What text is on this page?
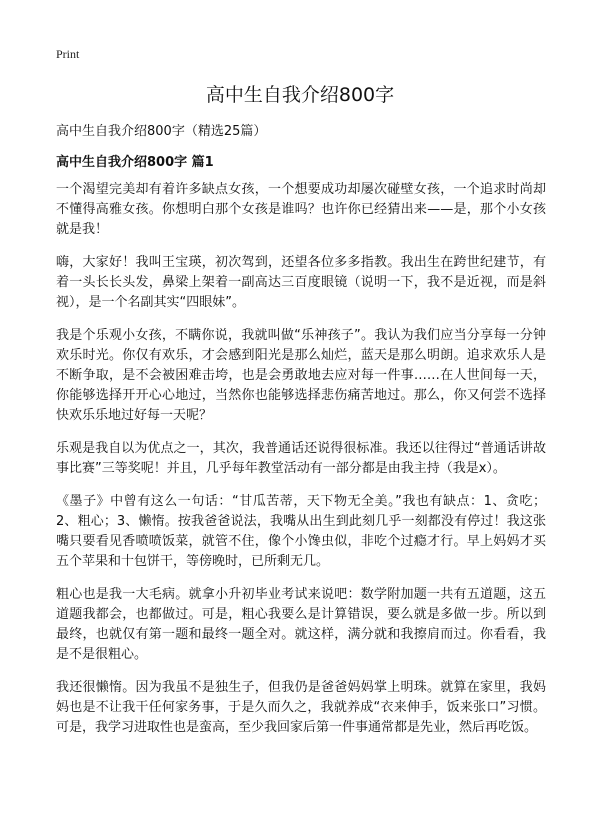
Print
高中生自我介绍800字

高中生自我介绍800字（精选25篇）

高中生自我介绍800字 篇1

一个渴望完美却有着许多缺点女孩，一个想要成功却屡次碰壁女孩，一个追求时尚却不懂得高雅女孩。你想明白那个女孩是谁吗？也许你已经猜出来——是，那个小女孩就是我！

嗨，大家好！我叫王宝瑛，初次驾到，还望各位多多指教。我出生在跨世纪建节，有着一头长长头发，鼻梁上架着一副高达三百度眼镜（说明一下，我不是近视，而是斜视），是一个名副其实“四眼妹”。

我是个乐观小女孩，不瞒你说，我就叫做“乐神孩子”。我认为我们应当分享每一分钟欢乐时光。你仅有欢乐，才会感到阳光是那么灿烂，蓝天是那么明朗。追求欢乐人是不断争取，是不会被困难击垮，也是会勇敢地去应对每一件事……在人世间每一天，你能够选择开开心心地过，当然你也能够选择悲伤痛苦地过。那么，你又何尝不选择快欢乐乐地过好每一天呢？

乐观是我自以为优点之一，其次，我普通话还说得很标准。我还以往得过“普通话讲故事比赛”三等奖呢！并且，几乎每年教堂活动有一部分都是由我主持（我是x）。

《墨子》中曾有这么一句话：“甘瓜苦蒂，天下物无全美。”我也有缺点：1、贪吃；2、粗心；3、懒惰。按我爸爸说法，我嘴从出生到此刻几乎一刻都没有停过！我这张嘴只要看见香喷喷饭菜，就管不住，像个小馋虫似，非吃个过瘾才行。早上妈妈才买五个苹果和十包饼干，等傍晚时，已所剩无几。

粗心也是我一大毛病。就拿小升初毕业考试来说吧：数学附加题一共有五道题，这五道题我都会，也都做过。可是，粗心我要么是计算错误，要么就是多做一步。所以到最终，也就仅有第一题和最终一题全对。就这样，满分就和我擦肩而过。你看看，我是不是很粗心。

我还很懒惰。因为我虽不是独生子，但我仍是爸爸妈妈掌上明珠。就算在家里，我妈妈也是不让我干任何家务事，于是久而久之，我就养成“衣来伸手，饭来张口”习惯。可是，我学习进取性也是蛮高，至少我回家后第一件事通常都是先业，然后再吃饭。
